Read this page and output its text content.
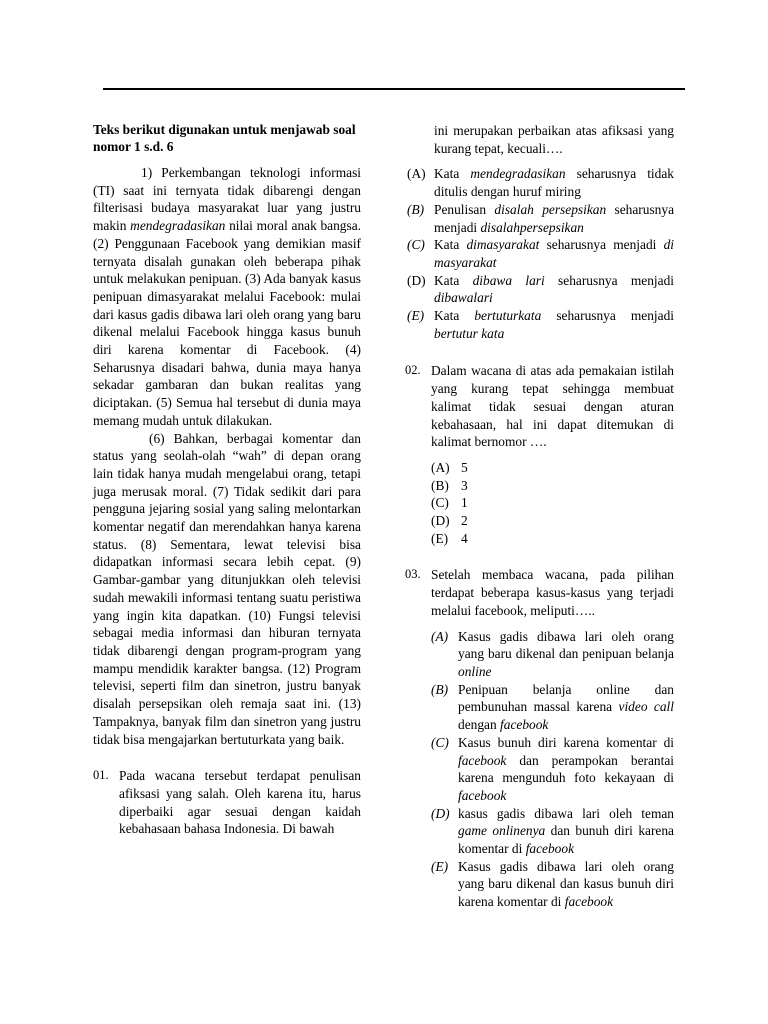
Teks berikut digunakan untuk menjawab soal nomor 1 s.d. 6

1) Perkembangan teknologi informasi (TI) saat ini ternyata tidak dibarengi dengan filterisasi budaya masyarakat luar yang justru makin mendegradasikan nilai moral anak bangsa. (2) Penggunaan Facebook yang demikian masif ternyata disalah gunakan oleh beberapa pihak untuk melakukan penipuan. (3) Ada banyak kasus penipuan dimasyarakat melalui Facebook: mulai dari kasus gadis dibawa lari oleh orang yang baru dikenal melalui Facebook hingga kasus bunuh diri karena komentar di Facebook. (4) Seharusnya disadari bahwa, dunia maya hanya sekadar gambaran dan bukan realitas yang diciptakan. (5) Semua hal tersebut di dunia maya memang mudah untuk dilakukan.

(6) Bahkan, berbagai komentar dan status yang seolah-olah “wah” di depan orang lain tidak hanya mudah mengelabui orang, tetapi juga merusak moral. (7) Tidak sedikit dari para pengguna jejaring sosial yang saling melontarkan komentar negatif dan merendahkan hanya karena status. (8) Sementara, lewat televisi bisa didapatkan informasi secara lebih cepat. (9) Gambar-gambar yang ditunjukkan oleh televisi sudah mewakili informasi tentang suatu peristiwa yang ingin kita dapatkan. (10) Fungsi televisi sebagai media informasi dan hiburan ternyata tidak dibarengi dengan program-program yang mampu mendidik karakter bangsa. (12) Program televisi, seperti film dan sinetron, justru banyak disalah persepsikan oleh remaja saat ini. (13) Tampaknya, banyak film dan sinetron yang justru tidak bisa mengajarkan bertuturkata yang baik.

01. Pada wacana tersebut terdapat penulisan afiksasi yang salah. Oleh karena itu, harus diperbaiki agar sesuai dengan kaidah kebahasaan bahasa Indonesia. Di bawah

ini merupakan perbaikan atas afiksasi yang kurang tepat, kecuali….

(A) Kata mendegradasikan seharusnya tidak ditulis dengan huruf miring
(B) Penulisan disalah persepsikan seharusnya menjadi disalahpersepsikan
(C) Kata dimasyarakat seharusnya menjadi di masyarakat
(D) Kata dibawa lari seharusnya menjadi dibawalari
(E) Kata bertuturkata seharusnya menjadi bertutur kata
02. Dalam wacana di atas ada pemakaian istilah yang kurang tepat sehingga membuat kalimat tidak sesuai dengan aturan kebahasaan, hal ini dapat ditemukan di kalimat bernomor ….
(A) 5
(B) 3
(C) 1
(D) 2
(E) 4
03. Setelah membaca wacana, pada pilihan terdapat beberapa kasus-kasus yang terjadi melalui facebook, meliputi…..
(A) Kasus gadis dibawa lari oleh orang yang baru dikenal dan penipuan belanja online
(B) Penipuan belanja online dan pembunuhan massal karena video call dengan facebook
(C) Kasus bunuh diri karena komentar di facebook dan perampokan berantai karena mengunduh foto kekayaan di facebook
(D) kasus gadis dibawa lari oleh teman game onlinenya dan bunuh diri karena komentar di facebook
(E) Kasus gadis dibawa lari oleh orang yang baru dikenal dan kasus bunuh diri karena komentar di facebook
